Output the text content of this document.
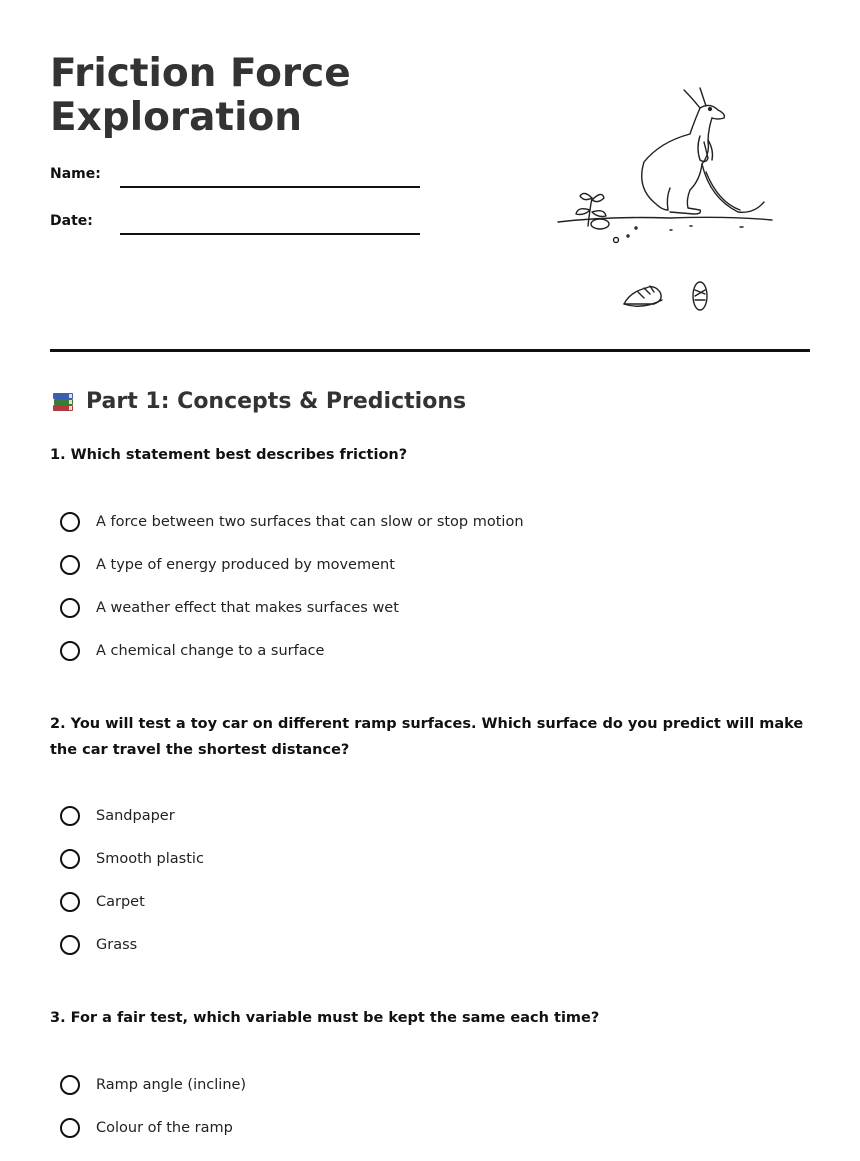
Friction Force
Exploration
Name:
Date:
Part 1: Concepts & Predictions

1. Which statement best describes friction?

A force between two surfaces that can slow or stop motion
A type of energy produced by movement
A weather effect that makes surfaces wet
A chemical change to a surface

2. You will test a toy car on different ramp surfaces. Which surface do you predict will make the car travel the shortest distance?

Sandpaper
Smooth plastic
Carpet
Grass

3. For a fair test, which variable must be kept the same each time?

Ramp angle (incline)
Colour of the ramp
